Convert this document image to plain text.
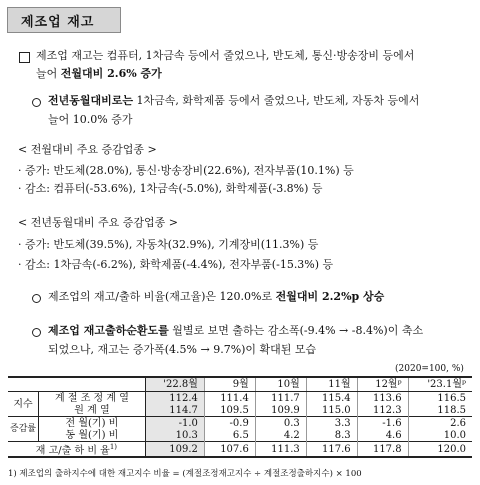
제조업 재고
제조업 재고는 컴퓨터, 1차금속 등에서 줄었으나, 반도체, 통신·방송장비 등에서
늘어 전월대비 2.6% 증가
전년동월대비로는 1차금속, 화학제품 등에서 줄었으나, 반도체, 자동차 등에서
늘어 10.0% 증가
< 전월대비 주요 증감업종 >
· 증가: 반도체(28.0%), 통신·방송장비(22.6%), 전자부품(10.1%) 등
· 감소: 컴퓨터(-53.6%), 1차금속(-5.0%), 화학제품(-3.8%) 등
< 전년동월대비 주요 증감업종 >
· 증가: 반도체(39.5%), 자동차(32.9%), 기계장비(11.3%) 등
· 감소: 1차금속(-6.2%), 화학제품(-4.4%), 전자부품(-15.3%) 등
제조업의 재고/출하 비율(재고율)은 120.0%로 전월대비 2.2%p 상승
제조업 재고출하순환도를 월별로 보면 출하는 감소폭(-9.4% → -8.4%)이 축소
되었으나, 재고는 증가폭(4.5% → 9.7%)이 확대된 모습
(2020=100, %)
		'22.8월	9월	10월	11월	12월ᵖ	'23.1월ᵖ
지수	계 절 조 정 계 열	112.4	111.4	111.7	115.4	113.6	116.5
	원 계 열	114.7	109.5	109.9	115.0	112.3	118.5
증감률	전 월(기) 비	-1.0	-0.9	0.3	3.3	-1.6	2.6
	동 월(기) 비	10.3	6.5	4.2	8.3	4.6	10.0
재 고/출 하 비 율$^{1)}$		109.2	107.6	111.3	117.6	117.8	120.0
1) 제조업의 출하지수에 대한 재고지수 비율 = (계절조정재고지수 ÷ 계절조정출하지수) × 100
